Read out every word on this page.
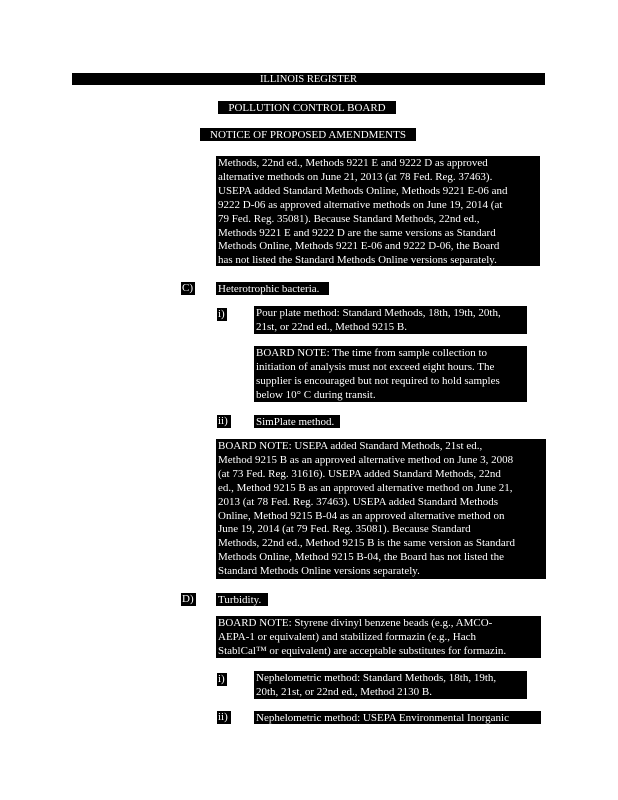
ILLINOIS REGISTER
POLLUTION CONTROL BOARD
NOTICE OF PROPOSED AMENDMENTS
Methods, 22nd ed., Methods 9221 E and 9222 D as approved
alternative methods on June 21, 2013 (at 78 Fed. Reg. 37463).
USEPA added Standard Methods Online, Methods 9221 E-06 and
9222 D-06 as approved alternative methods on June 19, 2014 (at
79 Fed. Reg. 35081). Because Standard Methods, 22nd ed.,
Methods 9221 E and 9222 D are the same versions as Standard
Methods Online, Methods 9221 E-06 and 9222 D-06, the Board
has not listed the Standard Methods Online versions separately.
C) Heterotrophic bacteria.
i)	Pour plate method: Standard Methods, 18th, 19th, 20th,
21st, or 22nd ed., Method 9215 B.
BOARD NOTE: The time from sample collection to
initiation of analysis must not exceed eight hours. The
supplier is encouraged but not required to hold samples
below 10° C during transit.
ii)	SimPlate method.
BOARD NOTE: USEPA added Standard Methods, 21st ed.,
Method 9215 B as an approved alternative method on June 3, 2008
(at 73 Fed. Reg. 31616). USEPA added Standard Methods, 22nd
ed., Method 9215 B as an approved alternative method on June 21,
2013 (at 78 Fed. Reg. 37463). USEPA added Standard Methods
Online, Method 9215 B-04 as an approved alternative method on
June 19, 2014 (at 79 Fed. Reg. 35081). Because Standard
Methods, 22nd ed., Method 9215 B is the same version as Standard
Methods Online, Method 9215 B-04, the Board has not listed the
Standard Methods Online versions separately.
D) Turbidity.
BOARD NOTE: Styrene divinyl benzene beads (e.g., AMCO-
AEPA-1 or equivalent) and stabilized formazin (e.g., Hach
StablCal™ or equivalent) are acceptable substitutes for formazin.
i)	Nephelometric method: Standard Methods, 18th, 19th,
20th, 21st, or 22nd ed., Method 2130 B.
ii)	Nephelometric method: USEPA Environmental Inorganic
